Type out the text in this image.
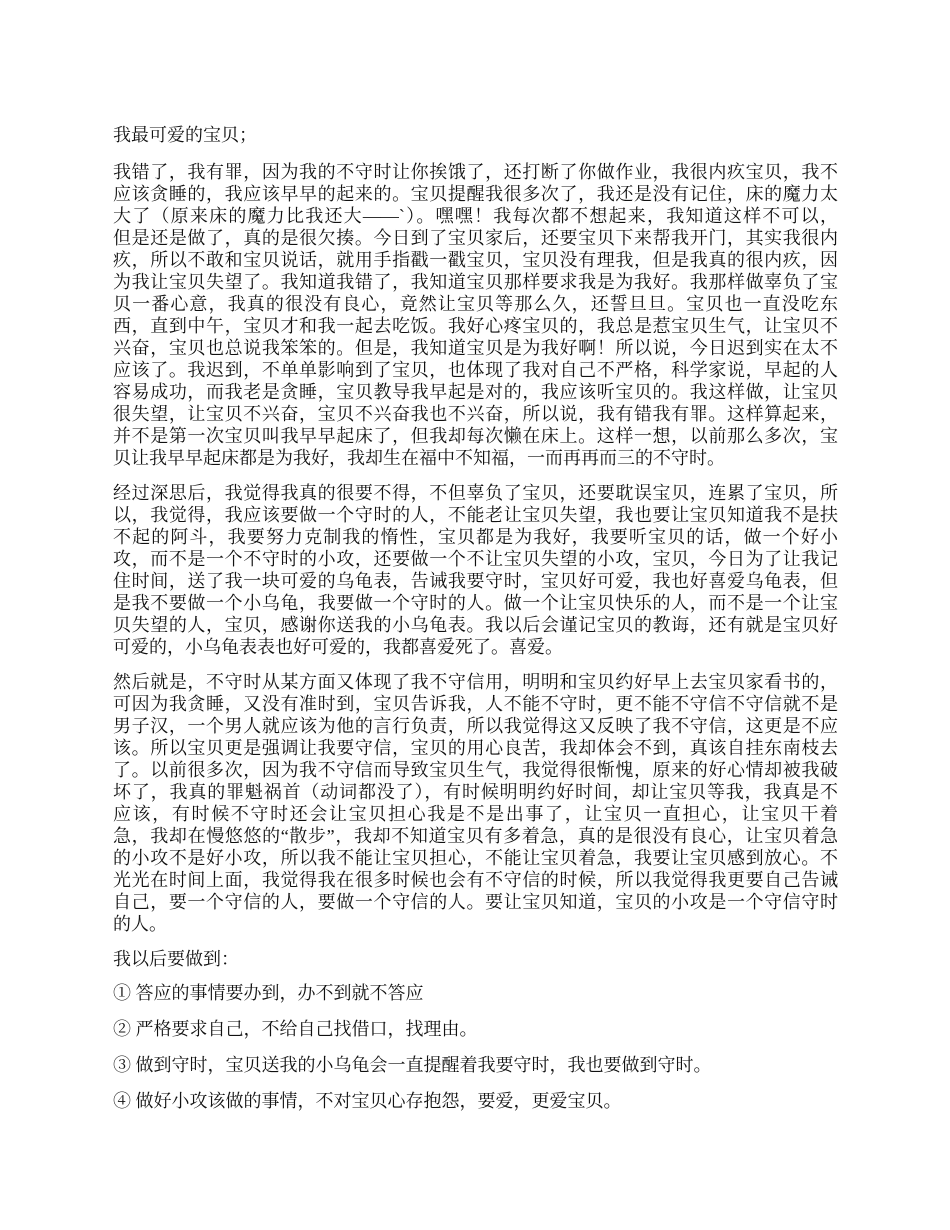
我最可爱的宝贝；
我错了，我有罪，因为我的不守时让你挨饿了，还打断了你做作业，我很内疚宝贝，我不
应该贪睡的，我应该早早的起来的。宝贝提醒我很多次了，我还是没有记住，床的魔力太
大了（原来床的魔力比我还大——`）。嘿嘿！我每次都不想起来，我知道这样不可以，
但是还是做了，真的是很欠揍。今日到了宝贝家后，还要宝贝下来帮我开门，其实我很内
疚，所以不敢和宝贝说话，就用手指戳一戳宝贝，宝贝没有理我，但是我真的很内疚，因
为我让宝贝失望了。我知道我错了，我知道宝贝那样要求我是为我好。我那样做辜负了宝
贝一番心意，我真的很没有良心，竟然让宝贝等那么久，还誓旦旦。宝贝也一直没吃东
西，直到中午，宝贝才和我一起去吃饭。我好心疼宝贝的，我总是惹宝贝生气，让宝贝不
兴奋，宝贝也总说我笨笨的。但是，我知道宝贝是为我好啊！所以说，今日迟到实在太不
应该了。我迟到，不单单影响到了宝贝，也体现了我对自己不严格，科学家说，早起的人
容易成功，而我老是贪睡，宝贝教导我早起是对的，我应该听宝贝的。我这样做，让宝贝
很失望，让宝贝不兴奋，宝贝不兴奋我也不兴奋，所以说，我有错我有罪。这样算起来，
并不是第一次宝贝叫我早早起床了，但我却每次懒在床上。这样一想，以前那么多次，宝
贝让我早早起床都是为我好，我却生在福中不知福，一而再再而三的不守时。
经过深思后，我觉得我真的很要不得，不但辜负了宝贝，还要耽误宝贝，连累了宝贝，所
以，我觉得，我应该要做一个守时的人，不能老让宝贝失望，我也要让宝贝知道我不是扶
不起的阿斗，我要努力克制我的惰性，宝贝都是为我好，我要听宝贝的话，做一个好小
攻，而不是一个不守时的小攻，还要做一个不让宝贝失望的小攻，宝贝，今日为了让我记
住时间，送了我一块可爱的乌龟表，告诫我要守时，宝贝好可爱，我也好喜爱乌龟表，但
是我不要做一个小乌龟，我要做一个守时的人。做一个让宝贝快乐的人，而不是一个让宝
贝失望的人，宝贝，感谢你送我的小乌龟表。我以后会谨记宝贝的教诲，还有就是宝贝好
可爱的，小乌龟表表也好可爱的，我都喜爱死了。喜爱。
然后就是，不守时从某方面又体现了我不守信用，明明和宝贝约好早上去宝贝家看书的，
可因为我贪睡，又没有准时到，宝贝告诉我，人不能不守时，更不能不守信不守信就不是
男子汉，一个男人就应该为他的言行负责，所以我觉得这又反映了我不守信，这更是不应
该。所以宝贝更是强调让我要守信，宝贝的用心良苦，我却体会不到，真该自挂东南枝去
了。以前很多次，因为我不守信而导致宝贝生气，我觉得很惭愧，原来的好心情却被我破
坏了，我真的罪魁祸首（动词都没了），有时候明明约好时间，却让宝贝等我，我真是不
应该，有时候不守时还会让宝贝担心我是不是出事了，让宝贝一直担心，让宝贝干着
急，我却在慢悠悠的“散步”，我却不知道宝贝有多着急，真的是很没有良心，让宝贝着急
的小攻不是好小攻，所以我不能让宝贝担心，不能让宝贝着急，我要让宝贝感到放心。不
光光在时间上面，我觉得我在很多时候也会有不守信的时候，所以我觉得我更要自己告诫
自己，要一个守信的人，要做一个守信的人。要让宝贝知道，宝贝的小攻是一个守信守时
的人。
我以后要做到：
① 答应的事情要办到，办不到就不答应
② 严格要求自己，不给自己找借口，找理由。
③ 做到守时，宝贝送我的小乌龟会一直提醒着我要守时，我也要做到守时。
④ 做好小攻该做的事情，不对宝贝心存抱怨，要爱，更爱宝贝。
